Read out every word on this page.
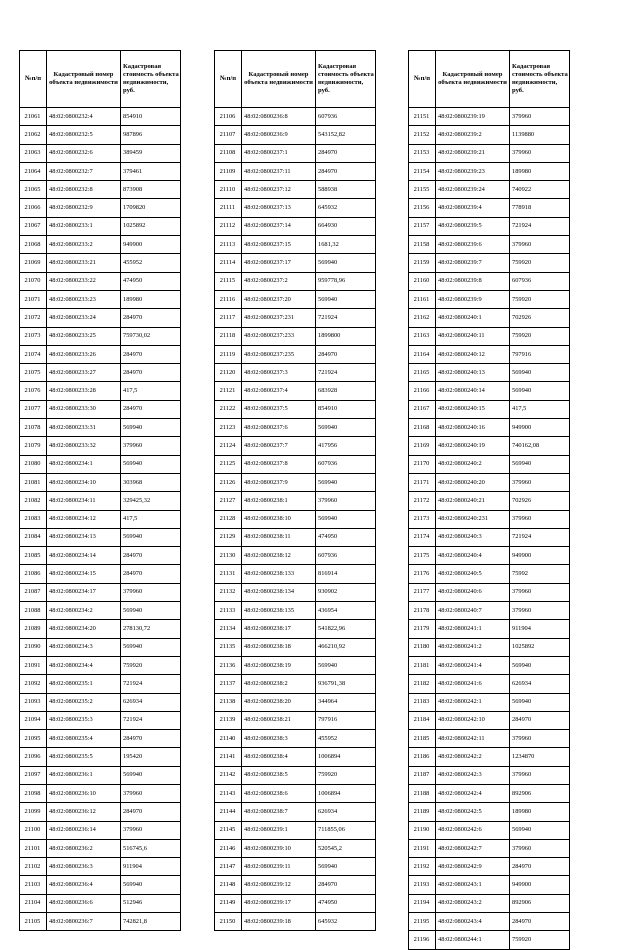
№п/п	Кадастровый номер объекта недвижимости	Кадастровая стоимость объекта недвижимости, руб.
21061	48:02:0800232:4	854910
21062	48:02:0800232:5	987896
21063	48:02:0800232:6	389459
21064	48:02:0800232:7	379461
21065	48:02:0800232:8	873908
21066	48:02:0800232:9	1709820
21067	48:02:0800233:1	1025892
21068	48:02:0800233:2	949900
21069	48:02:0800233:21	455952
21070	48:02:0800233:22	474950
21071	48:02:0800233:23	189980
21072	48:02:0800233:24	284970
21073	48:02:0800233:25	759730,02
21074	48:02:0800233:26	284970
21075	48:02:0800233:27	284970
21076	48:02:0800233:28	417,5
21077	48:02:0800233:30	284970
21078	48:02:0800233:31	569940
21079	48:02:0800233:32	379960
21080	48:02:0800234:1	569940
21081	48:02:0800234:10	303968
21082	48:02:0800234:11	329425,32
21083	48:02:0800234:12	417,5
21084	48:02:0800234:13	569940
21085	48:02:0800234:14	284970
21086	48:02:0800234:15	284970
21087	48:02:0800234:17	379960
21088	48:02:0800234:2	569940
21089	48:02:0800234:20	278130,72
21090	48:02:0800234:3	569940
21091	48:02:0800234:4	759920
21092	48:02:0800235:1	721924
21093	48:02:0800235:2	626934
21094	48:02:0800235:3	721924
21095	48:02:0800235:4	284970
21096	48:02:0800235:5	195420
21097	48:02:0800236:1	569940
21098	48:02:0800236:10	379960
21099	48:02:0800236:12	284970
21100	48:02:0800236:14	379960
21101	48:02:0800236:2	516745,6
21102	48:02:0800236:3	911904
21103	48:02:0800236:4	569940
21104	48:02:0800236:6	512946
21105	48:02:0800236:7	742821,8
№п/п	Кадастровый номер объекта недвижимости	Кадастровая стоимость объекта недвижимости, руб.
21106	48:02:0800236:8	607936
21107	48:02:0800236:9	543152,82
21108	48:02:0800237:1	284970
21109	48:02:0800237:11	284970
21110	48:02:0800237:12	588938
21111	48:02:0800237:13	645932
21112	48:02:0800237:14	664930
21113	48:02:0800237:15	1681,32
21114	48:02:0800237:17	569940
21115	48:02:0800237:2	959778,96
21116	48:02:0800237:20	569940
21117	48:02:0800237:231	721924
21118	48:02:0800237:233	1899800
21119	48:02:0800237:235	284970
21120	48:02:0800237:3	721924
21121	48:02:0800237:4	683928
21122	48:02:0800237:5	854910
21123	48:02:0800237:6	569940
21124	48:02:0800237:7	417956
21125	48:02:0800237:8	607936
21126	48:02:0800237:9	569940
21127	48:02:0800238:1	379960
21128	48:02:0800238:10	569940
21129	48:02:0800238:11	474950
21130	48:02:0800238:12	607936
21131	48:02:0800238:133	816914
21132	48:02:0800238:134	930902
21133	48:02:0800238:135	436954
21134	48:02:0800238:17	541822,96
21135	48:02:0800238:18	466210,92
21136	48:02:0800238:19	569940
21137	48:02:0800238:2	936791,38
21138	48:02:0800238:20	344964
21139	48:02:0800238:21	797916
21140	48:02:0800238:3	455952
21141	48:02:0800238:4	1006894
21142	48:02:0800238:5	759920
21143	48:02:0800238:6	1006894
21144	48:02:0800238:7	626934
21145	48:02:0800239:1	711855,06
21146	48:02:0800239:10	520545,2
21147	48:02:0800239:11	569940
21148	48:02:0800239:12	284970
21149	48:02:0800239:17	474950
21150	48:02:0800239:18	645932
№п/п	Кадастровый номер объекта недвижимости	Кадастровая стоимость объекта недвижимости, руб.
21151	48:02:0800239:19	379960
21152	48:02:0800239:2	1139880
21153	48:02:0800239:21	379960
21154	48:02:0800239:23	189980
21155	48:02:0800239:24	740922
21156	48:02:0800239:4	778918
21157	48:02:0800239:5	721924
21158	48:02:0800239:6	379960
21159	48:02:0800239:7	759920
21160	48:02:0800239:8	607936
21161	48:02:0800239:9	759920
21162	48:02:0800240:1	702926
21163	48:02:0800240:11	759920
21164	48:02:0800240:12	797916
21165	48:02:0800240:13	569940
21166	48:02:0800240:14	569940
21167	48:02:0800240:15	417,5
21168	48:02:0800240:16	949900
21169	48:02:0800240:19	740162,08
21170	48:02:0800240:2	569940
21171	48:02:0800240:20	379960
21172	48:02:0800240:21	702926
21173	48:02:0800240:231	379960
21174	48:02:0800240:3	721924
21175	48:02:0800240:4	949900
21176	48:02:0800240:5	75992
21177	48:02:0800240:6	379960
21178	48:02:0800240:7	379960
21179	48:02:0800241:1	911904
21180	48:02:0800241:2	1025892
21181	48:02:0800241:4	569940
21182	48:02:0800241:6	626934
21183	48:02:0800242:1	569940
21184	48:02:0800242:10	284970
21185	48:02:0800242:11	379960
21186	48:02:0800242:2	1234870
21187	48:02:0800242:3	379960
21188	48:02:0800242:4	892906
21189	48:02:0800242:5	189980
21190	48:02:0800242:6	569940
21191	48:02:0800242:7	379960
21192	48:02:0800242:9	284970
21193	48:02:0800243:1	949900
21194	48:02:0800243:2	892906
21195	48:02:0800243:4	284970
21196	48:02:0800244:1	759920
